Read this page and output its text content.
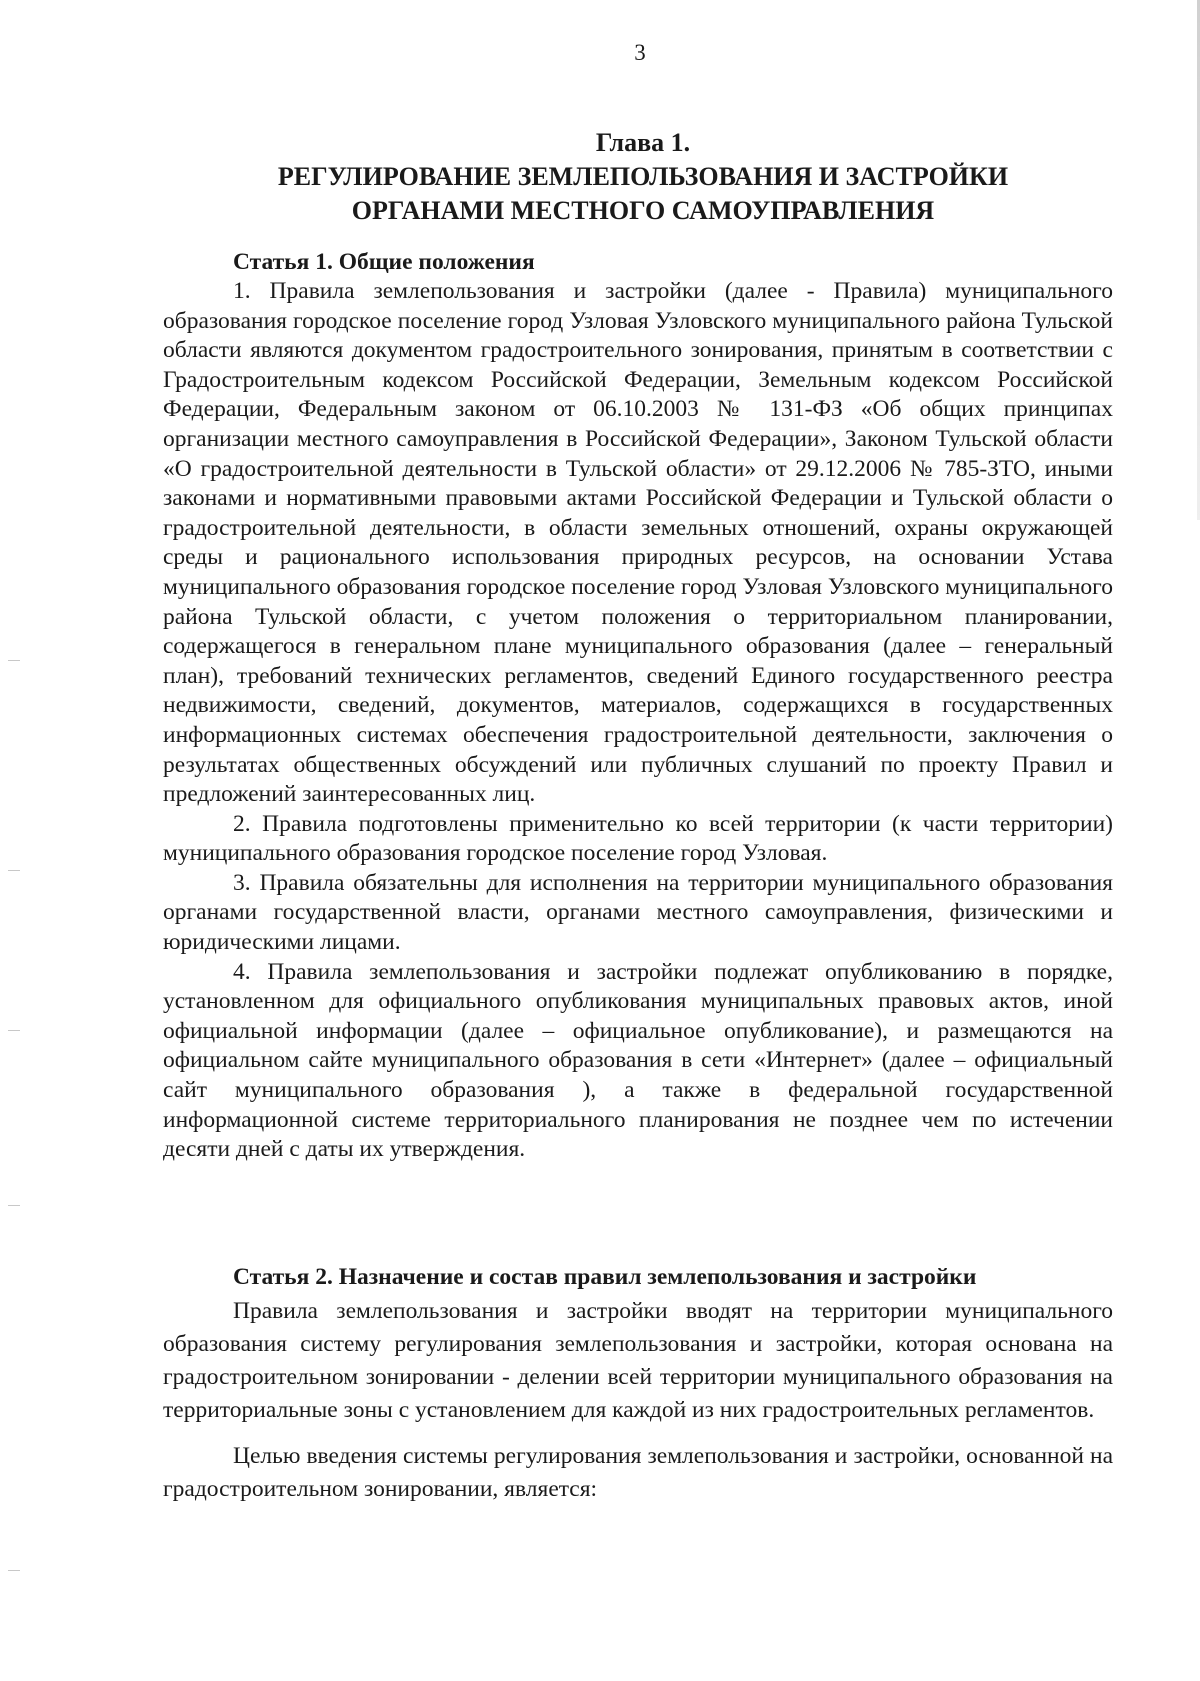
3
Глава 1.
РЕГУЛИРОВАНИЕ ЗЕМЛЕПОЛЬЗОВАНИЯ И ЗАСТРОЙКИ
ОРГАНАМИ МЕСТНОГО САМОУПРАВЛЕНИЯ
Статья 1. Общие положения

1. Правила землепользования и застройки (далее - Правила) муниципального образования городское поселение город Узловая Узловского муниципального района Тульской области являются документом градостроительного зонирования, принятым в соответствии с Градостроительным кодексом Российской Федерации, Земельным кодексом Российской Федерации, Федеральным законом от 06.10.2003 № 131-ФЗ «Об общих принципах организации местного самоуправления в Российской Федерации», Законом Тульской области «О градостроительной деятельности в Тульской области» от 29.12.2006 № 785-ЗТО, иными законами и нормативными правовыми актами Российской Федерации и Тульской области о градостроительной деятельности, в области земельных отношений, охраны окружающей среды и рационального использования природных ресурсов, на основании Устава муниципального образования городское поселение город Узловая Узловского муниципального района Тульской области, с учетом положения о территориальном планировании, содержащегося в генеральном плане муниципального образования (далее – генеральный план), требований технических регламентов, сведений Единого государственного реестра недвижимости, сведений, документов, материалов, содержащихся в государственных информационных системах обеспечения градостроительной деятельности, заключения о результатах общественных обсуждений или публичных слушаний по проекту Правил и предложений заинтересованных лиц.

2. Правила подготовлены применительно ко всей территории (к части территории) муниципального образования городское поселение город Узловая.

3. Правила обязательны для исполнения на территории муниципального образования органами государственной власти, органами местного самоуправления, физическими и юридическими лицами.

4. Правила землепользования и застройки подлежат опубликованию в порядке, установленном для официального опубликования муниципальных правовых актов, иной официальной информации (далее – официальное опубликование), и размещаются на официальном сайте муниципального образования в сети «Интернет» (далее – официальный сайт муниципального образования ), а также в федеральной государственной информационной системе территориального планирования не позднее чем по истечении десяти дней с даты их утверждения.

Статья 2. Назначение и состав правил землепользования и застройки

Правила землепользования и застройки вводят на территории муниципального образования систему регулирования землепользования и застройки, которая основана на градостроительном зонировании - делении всей территории муниципального образования на территориальные зоны с установлением для каждой из них градостроительных регламентов.

Целью введения системы регулирования землепользования и застройки, основанной на градостроительном зонировании, является:
